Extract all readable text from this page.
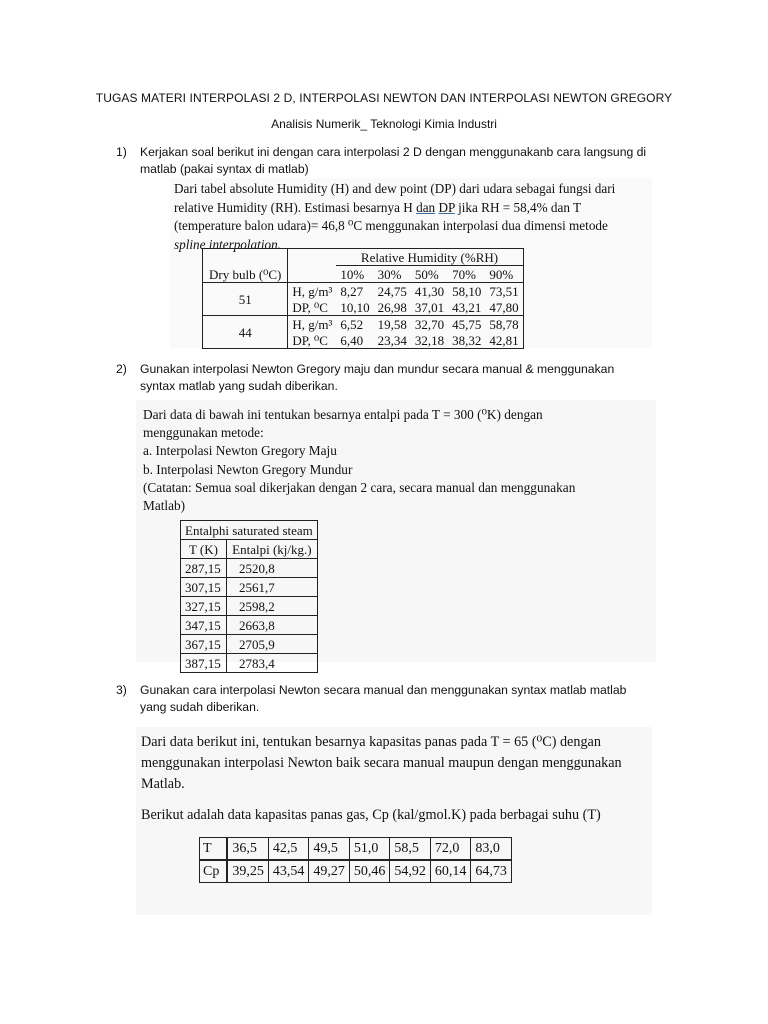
TUGAS MATERI INTERPOLASI 2 D, INTERPOLASI NEWTON DAN INTERPOLASI NEWTON GREGORY
Analisis Numerik_ Teknologi Kimia Industri
1) Kerjakan soal berikut ini dengan cara interpolasi 2 D dengan menggunakanb cara langsung di
matlab (pakai syntax di matlab)
Dari tabel absolute Humidity (H) and dew point (DP) dari udara sebagai fungsi dari
relative Humidity (RH). Estimasi besarnya H dan DP jika RH = 58,4% dan T
(temperature balon udara)= 46,8 ⁰C menggunakan interpolasi dua dimensi metode
spline interpolation.
Dry bulb (⁰C)		Relative Humidity (%RH)				
		10%	30%	50%	70%	90%
51	H, g/m³	8,27	24,75	41,30	58,10	73,51
	DP, ⁰C	10,10	26,98	37,01	43,21	47,80
44	H, g/m³	6,52	19,58	32,70	45,75	58,78
	DP, ⁰C	6,40	23,34	32,18	38,32	42,81
2) Gunakan interpolasi Newton Gregory maju dan mundur secara manual & menggunakan
syntax matlab yang sudah diberikan.
Dari data di bawah ini tentukan besarnya entalpi pada T = 300 (⁰K) dengan
menggunakan metode:
a. Interpolasi Newton Gregory Maju
b. Interpolasi Newton Gregory Mundur
(Catatan: Semua soal dikerjakan dengan 2 cara, secara manual dan menggunakan
Matlab)
Entalphi saturated steam	
T (K)	Entalpi (kj/kg.)
287,15	2520,8
307,15	2561,7
327,15	2598,2
347,15	2663,8
367,15	2705,9
387,15	2783,4
3) Gunakan cara interpolasi Newton secara manual dan menggunakan syntax matlab matlab
yang sudah diberikan.
Dari data berikut ini, tentukan besarnya kapasitas panas pada T = 65 (⁰C) dengan
menggunakan interpolasi Newton baik secara manual maupun dengan menggunakan
Matlab.
Berikut adalah data kapasitas panas gas, Cp (kal/gmol.K) pada berbagai suhu (T)
T	36,5	42,5	49,5	51,0	58,5	72,0	83,0
Cp	39,25	43,54	49,27	50,46	54,92	60,14	64,73
